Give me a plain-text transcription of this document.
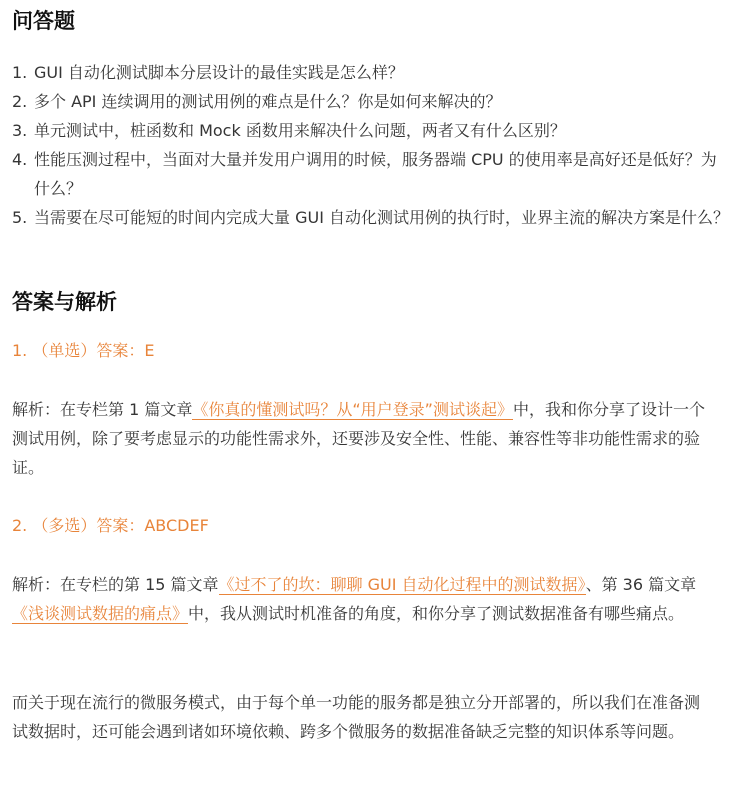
问答题
1. GUI 自动化测试脚本分层设计的最佳实践是怎么样？
2. 多个 API 连续调用的测试用例的难点是什么？你是如何来解决的？
3. 单元测试中，桩函数和 Mock 函数用来解决什么问题，两者又有什么区别？
4. 性能压测过程中，当面对大量并发用户调用的时候，服务器端 CPU 的使用率是高好还是低好？为什么？
5. 当需要在尽可能短的时间内完成大量 GUI 自动化测试用例的执行时，业界主流的解决方案是什么？
答案与解析
1. （单选）答案：E

解析：在专栏第 1 篇文章《你真的懂测试吗？从“用户登录”测试谈起》中，我和你分享了设计一个测试用例，除了要考虑显示的功能性需求外，还要涉及安全性、性能、兼容性等非功能性需求的验证。

2. （多选）答案：ABCDEF

解析：在专栏的第 15 篇文章《过不了的坎：聊聊 GUI 自动化过程中的测试数据》、第 36 篇文章《浅谈测试数据的痛点》中，我从测试时机准备的角度，和你分享了测试数据准备有哪些痛点。

而关于现在流行的微服务模式，由于每个单一功能的服务都是独立分开部署的，所以我们在准备测试数据时，还可能会遇到诸如环境依赖、跨多个微服务的数据准备缺乏完整的知识体系等问题。
